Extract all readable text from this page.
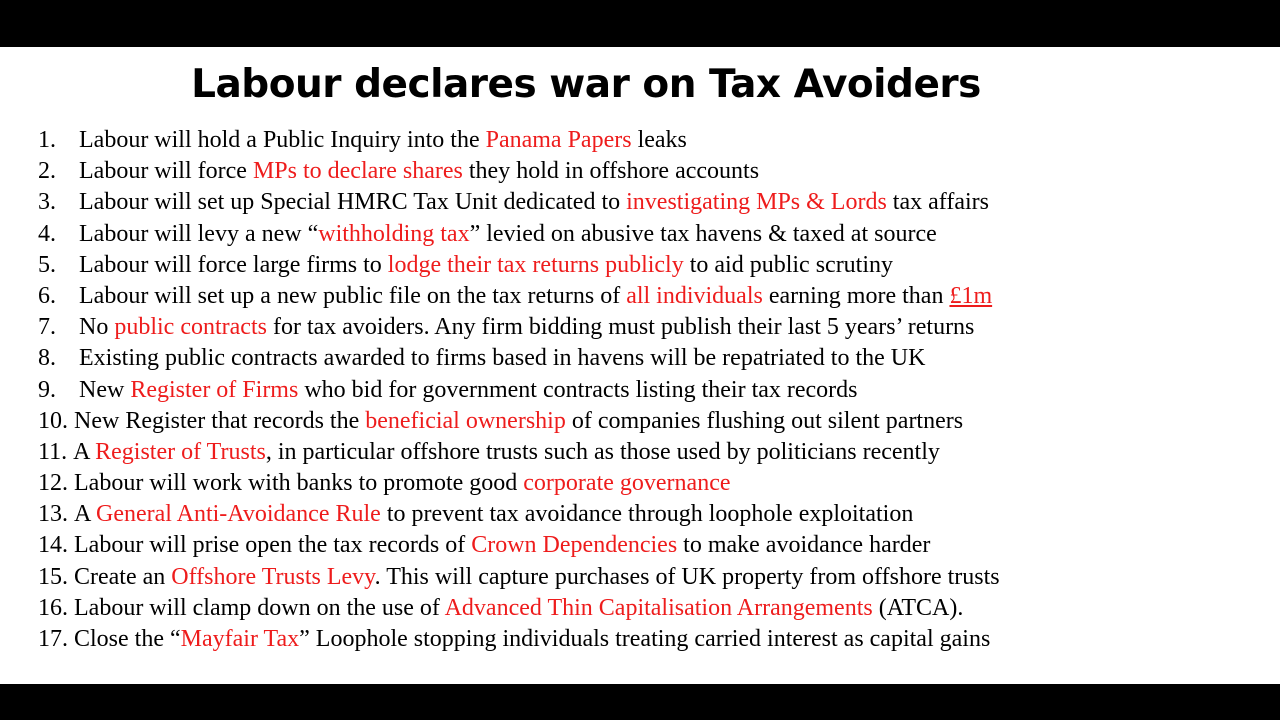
Labour declares war on Tax Avoiders
1. Labour will hold a Public Inquiry into the Panama Papers leaks
2. Labour will force MPs to declare shares they hold in offshore accounts
3. Labour will set up Special HMRC Tax Unit dedicated to investigating MPs & Lords tax affairs
4. Labour will levy a new “withholding tax” levied on abusive tax havens & taxed at source
5. Labour will force large firms to lodge their tax returns publicly to aid public scrutiny
6. Labour will set up a new public file on the tax returns of all individuals earning more than £1m
7. No public contracts for tax avoiders. Any firm bidding must publish their last 5 years’ returns
8. Existing public contracts awarded to firms based in havens will be repatriated to the UK
9. New Register of Firms who bid for government contracts listing their tax records
10. New Register that records the beneficial ownership of companies flushing out silent partners
11. A Register of Trusts, in particular offshore trusts such as those used by politicians recently
12. Labour will work with banks to promote good corporate governance
13. A General Anti-Avoidance Rule to prevent tax avoidance through loophole exploitation
14. Labour will prise open the tax records of Crown Dependencies to make avoidance harder
15. Create an Offshore Trusts Levy. This will capture purchases of UK property from offshore trusts
16. Labour will clamp down on the use of Advanced Thin Capitalisation Arrangements (ATCA).
17. Close the “Mayfair Tax” Loophole stopping individuals treating carried interest as capital gains
